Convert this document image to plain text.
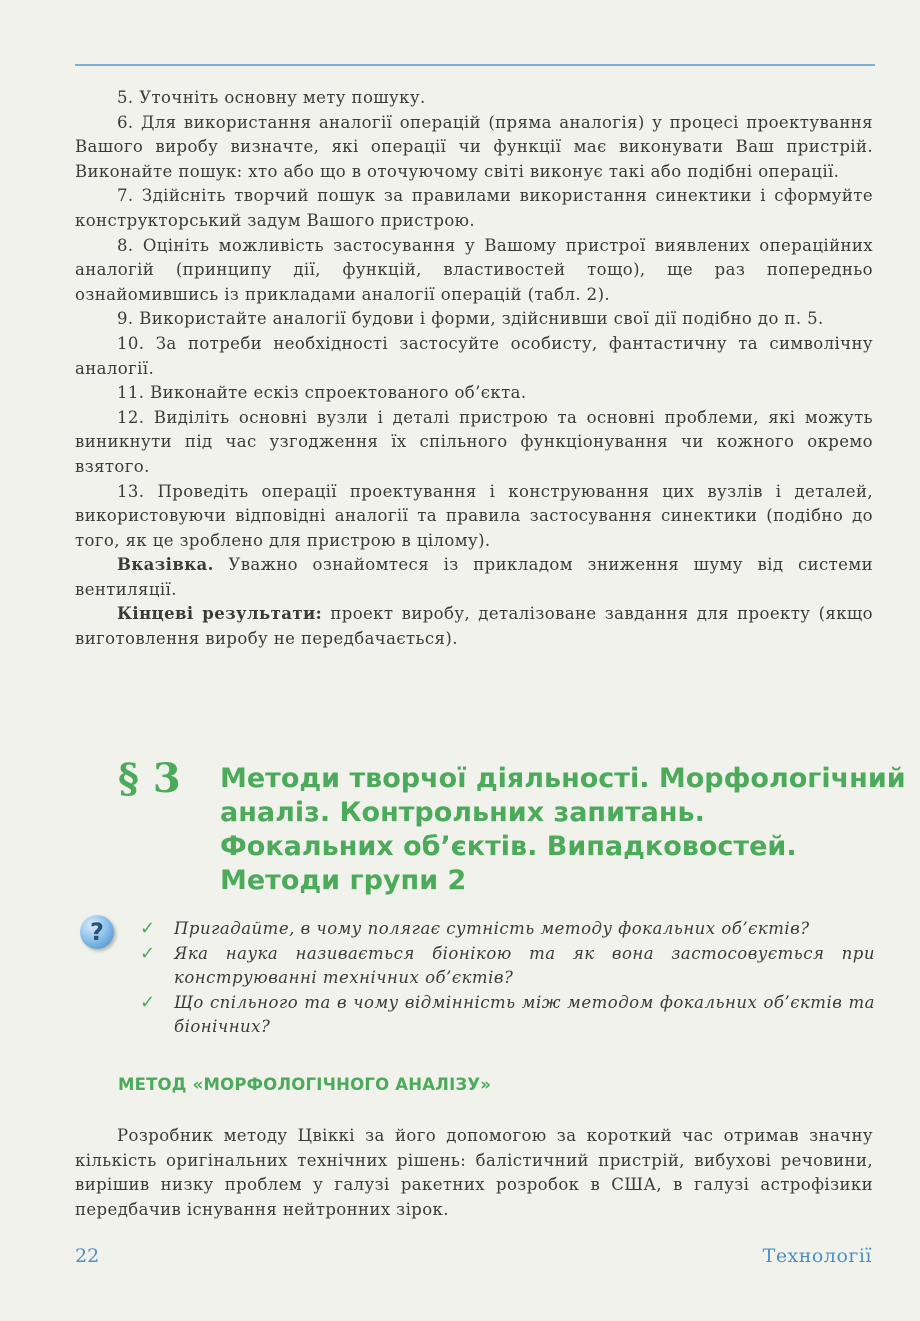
5. Уточніть основну мету пошуку.

6. Для використання аналогії операцій (пряма аналогія) у процесі проектування Вашого виробу визначте, які операції чи функції має виконувати Ваш пристрій. Виконайте пошук: хто або що в оточуючому світі виконує такі або подібні операції.

7. Здійсніть творчий пошук за правилами використання синектики і сформуйте конструкторський задум Вашого пристрою.

8. Оцініть можливість застосування у Вашому пристрої виявлених операційних аналогій (принципу дії, функцій, властивостей тощо), ще раз попередньо ознайомившись із прикладами аналогії операцій (табл. 2).

9. Використайте аналогії будови і форми, здійснивши свої дії подібно до п. 5.

10. За потреби необхідності застосуйте особисту, фантастичну та символічну аналогії.

11. Виконайте ескіз спроектованого об’єкта.

12. Виділіть основні вузли і деталі пристрою та основні проблеми, які можуть виникнути під час узгодження їх спільного функціонування чи кожного окремо взятого.

13. Проведіть операції проектування і конструювання цих вузлів і деталей, використовуючи відповідні аналогії та правила застосування синектики (подібно до того, як це зроблено для пристрою в цілому).

Вказівка. Уважно ознайомтеся із прикладом зниження шуму від системи вентиляції.

Кінцеві результати: проект виробу, деталізоване завдання для проекту (якщо виготовлення виробу не передбачається).

§ 3 Методи творчої діяльності. Морфологічний
аналіз. Контрольних запитань.
Фокальних об’єктів. Випадковостей.
Методи групи 2
?	✓ Пригадайте, в чому полягає сутність методу фокальних об’єктів?
✓ Яка наука називається біонікою та як вона застосовується при конструюванні технічних об’єктів?
✓ Що спільного та в чому відмінність між методом фокальних об’єктів та біонічних?
МЕТОД «МОРФОЛОГІЧНОГО АНАЛІЗУ»

Розробник методу Цвіккі за його допомогою за короткий час отримав значну кількість оригінальних технічних рішень: балістичний пристрій, вибухові речовини, вирішив низку проблем у галузі ракетних розробок в США, в галузі астрофізики передбачив існування нейтронних зірок.

22	Технології
